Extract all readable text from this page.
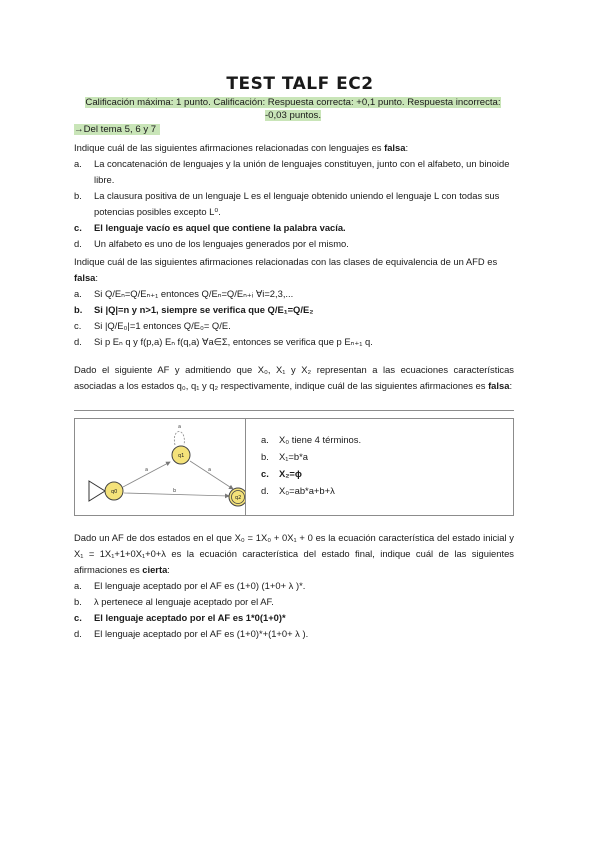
TEST TALF EC2
Calificación máxima: 1 punto. Calificación: Respuesta correcta: +0,1 punto. Respuesta incorrecta: -0,03 puntos.
→Del tema 5, 6 y 7
Indique cuál de las siguientes afirmaciones relacionadas con lenguajes es falsa:
a.	La concatenación de lenguajes y la unión de lenguajes constituyen, junto con el alfabeto, un binoide libre.
b.	La clausura positiva de un lenguaje L es el lenguaje obtenido uniendo el lenguaje L con todas sus potencias posibles excepto L⁰.
c.	El lenguaje vacío es aquel que contiene la palabra vacía.
d.	Un alfabeto es uno de los lenguajes generados por el mismo.
Indique cuál de las siguientes afirmaciones relacionadas con las clases de equivalencia de un AFD es falsa:
a.	Si Q/Eₙ=Q/Eₙ₊₁ entonces Q/Eₙ=Q/Eₙ₊ᵢ ∀i=2,3,...
b.	Si |Q|=n y n>1, siempre se verifica que Q/E₁=Q/E₂
c.	Si |Q/E₀|=1 entonces Q/E₀= Q/E.
d.	Si p Eₙ q y f(p,a) Eₙ f(q,a) ∀a∈Σ, entonces se verifica que p Eₙ₊₁ q.
Dado el siguiente AF y admitiendo que X₀, X₁ y X₂ representan a las ecuaciones características asociadas a los estados q₀, q₁ y q₂ respectivamente, indique cuál de las siguientes afirmaciones es falsa:
q1
q0
q2
a
a	a
b
a.	X₀ tiene 4 términos.
b.	X₁=b*a
c.	X₂=ϕ
d.	X₀=ab*a+b+λ
Dado un AF de dos estados en el que X₀ = 1X₀ + 0X₁ + 0 es la ecuación característica del estado inicial y X₁ = 1X₁+1+0X₁+0+λ es la ecuación característica del estado final, indique cuál de las siguientes afirmaciones es cierta:
a.	El lenguaje aceptado por el AF es (1+0) (1+0+ λ )*.
b.	λ pertenece al lenguaje aceptado por el AF.
c.	El lenguaje aceptado por el AF es 1*0(1+0)*
d.	El lenguaje aceptado por el AF es (1+0)*+(1+0+ λ ).
